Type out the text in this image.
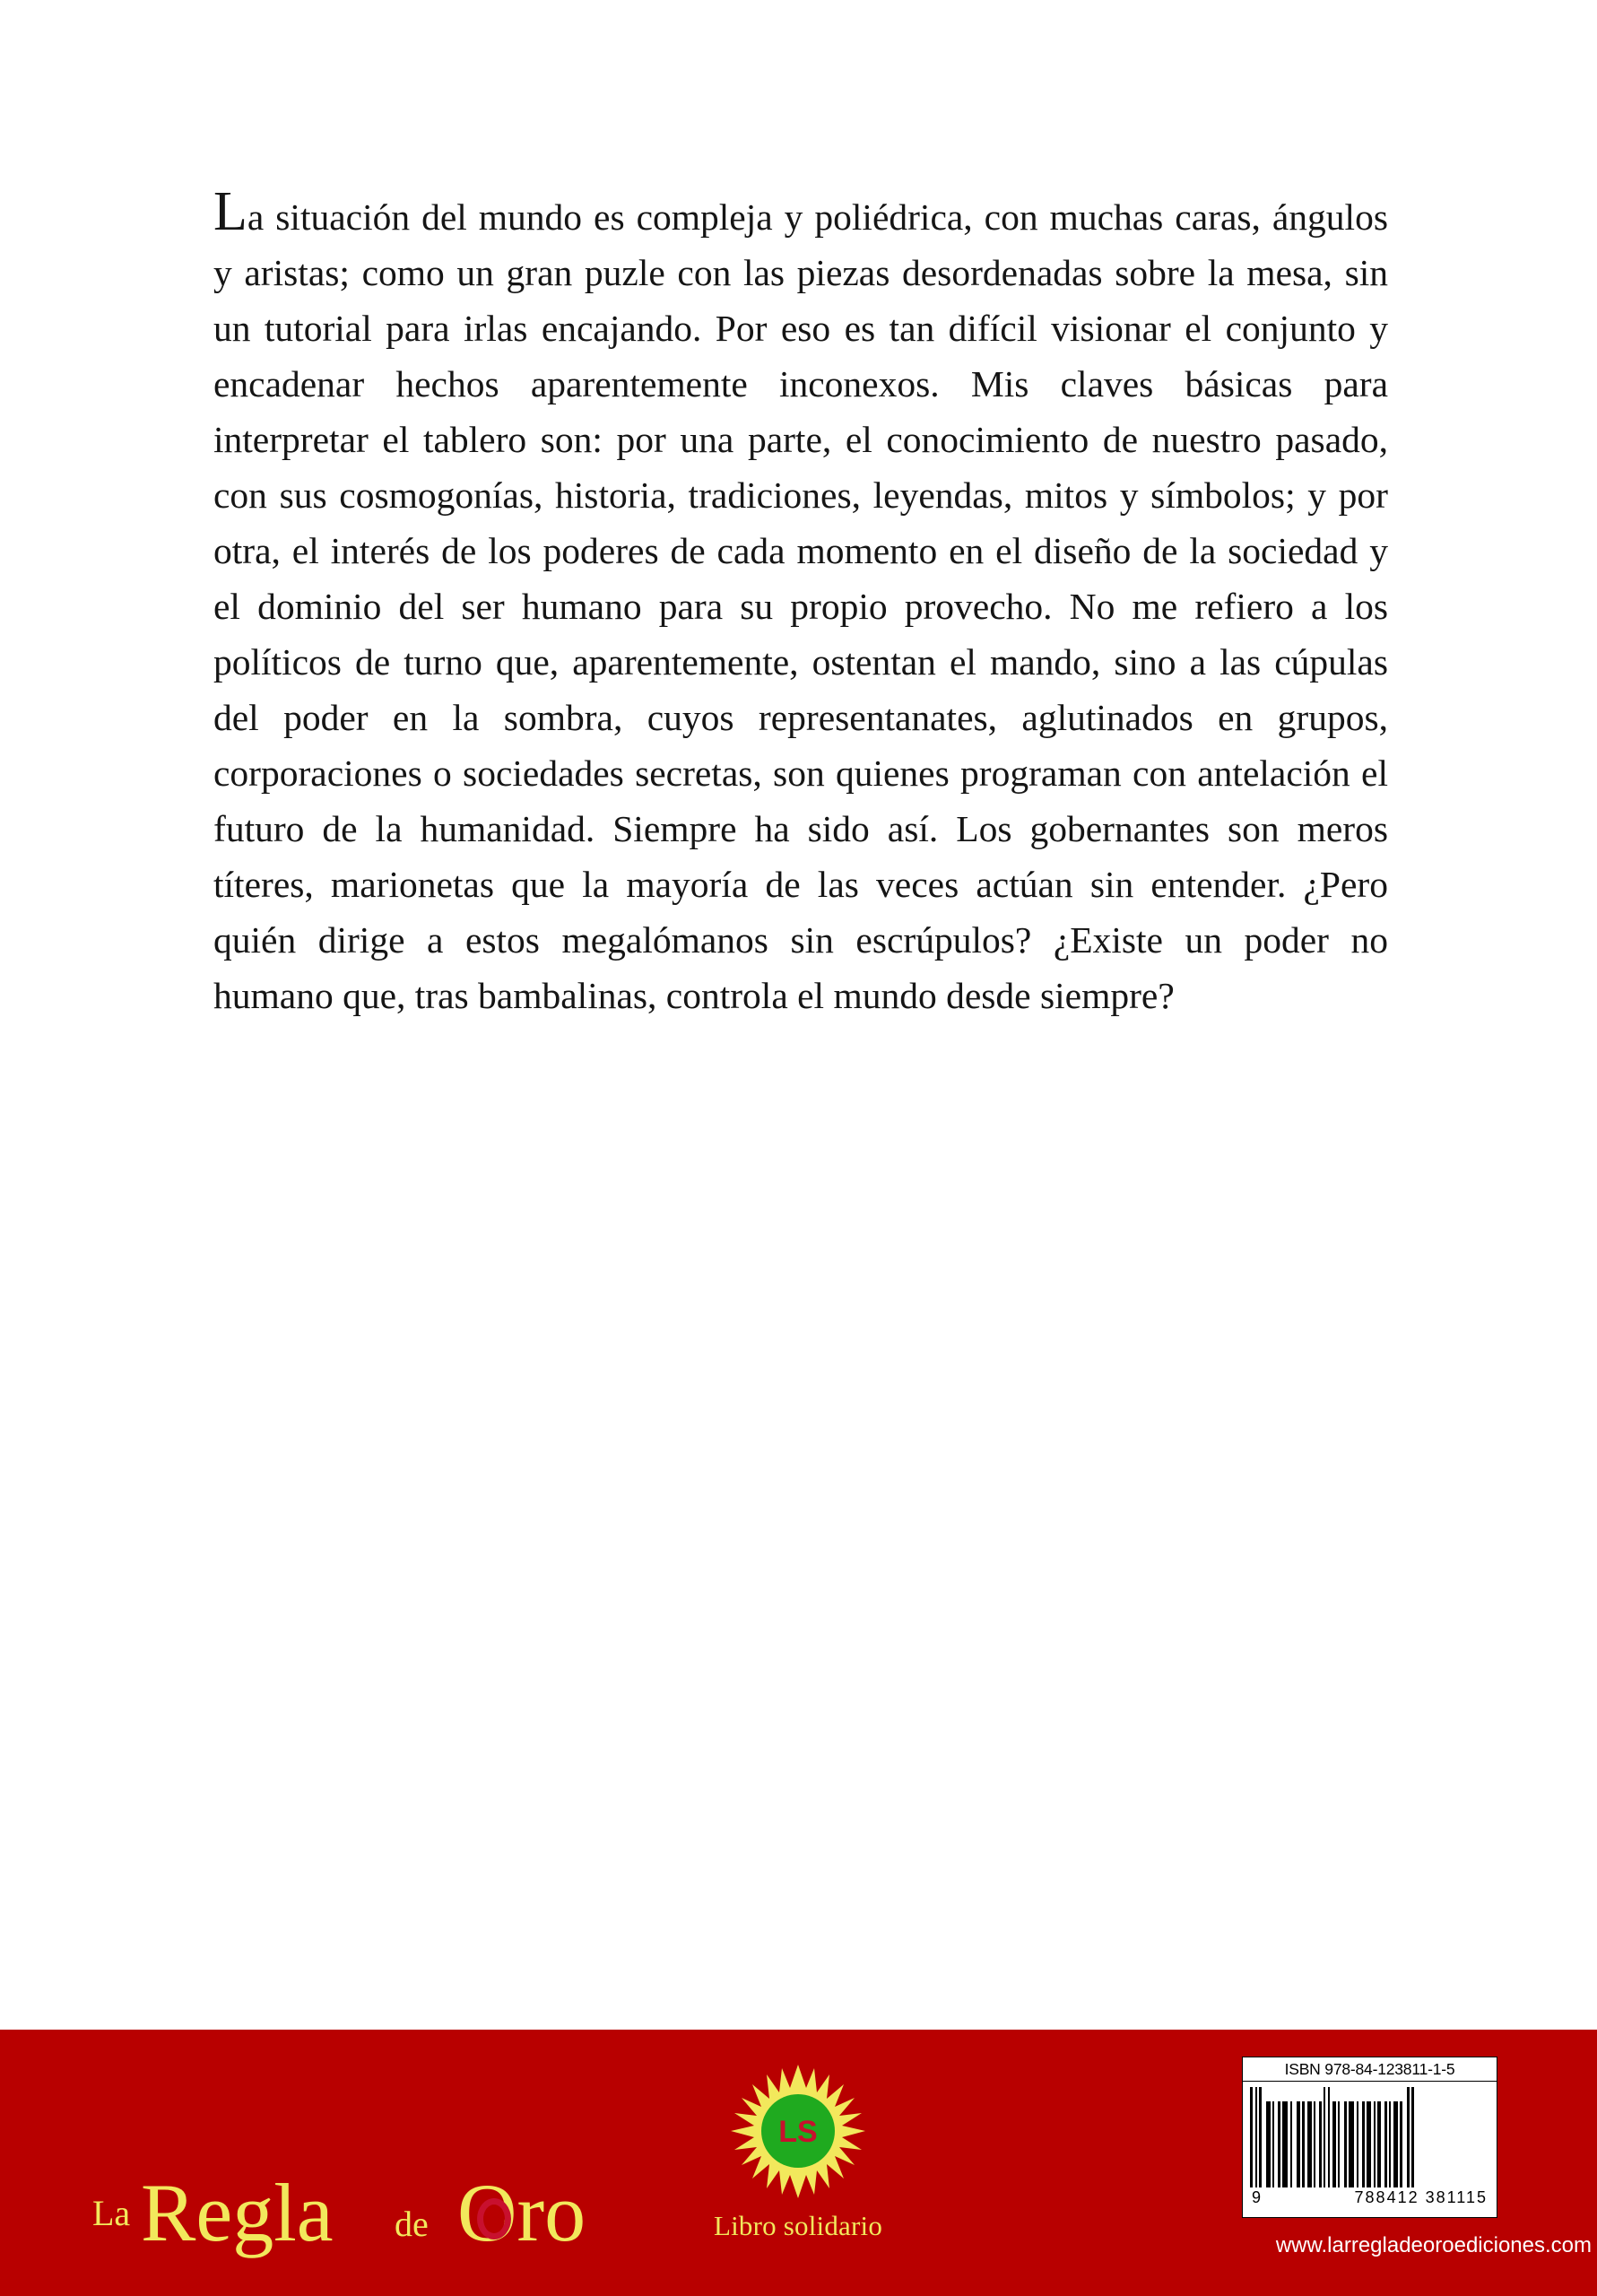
La situación del mundo es compleja y poliédrica, con muchas caras, ángulos y aristas; como un gran puzle con las piezas desordenadas sobre la mesa, sin un tutorial para irlas encajando. Por eso es tan difícil visionar el conjunto y encadenar hechos aparentemente inconexos. Mis claves básicas para interpretar el tablero son: por una parte, el conocimiento de nuestro pasado, con sus cosmogonías, historia, tradiciones, leyendas, mitos y símbolos; y por otra, el interés de los poderes de cada momento en el diseño de la sociedad y el dominio del ser humano para su propio provecho. No me refiero a los políticos de turno que, aparentemente, ostentan el mando, sino a las cúpulas del poder en la sombra, cuyos representanates, aglutinados en grupos, corporaciones o sociedades secretas, son quienes programan con antelación el futuro de la humanidad. Siempre ha sido así. Los gobernantes son meros títeres, marionetas que la mayoría de las veces actúan sin entender. ¿Pero quién dirige a estos megalómanos sin escrúpulos? ¿Existe un poder no humano que, tras bambalinas, controla el mundo desde siempre?
La Regla de Oro
LS
Libro solidario
ISBN 978-84-123811-1-5
9	788412 381115
www.larregladeoroediciones.com
